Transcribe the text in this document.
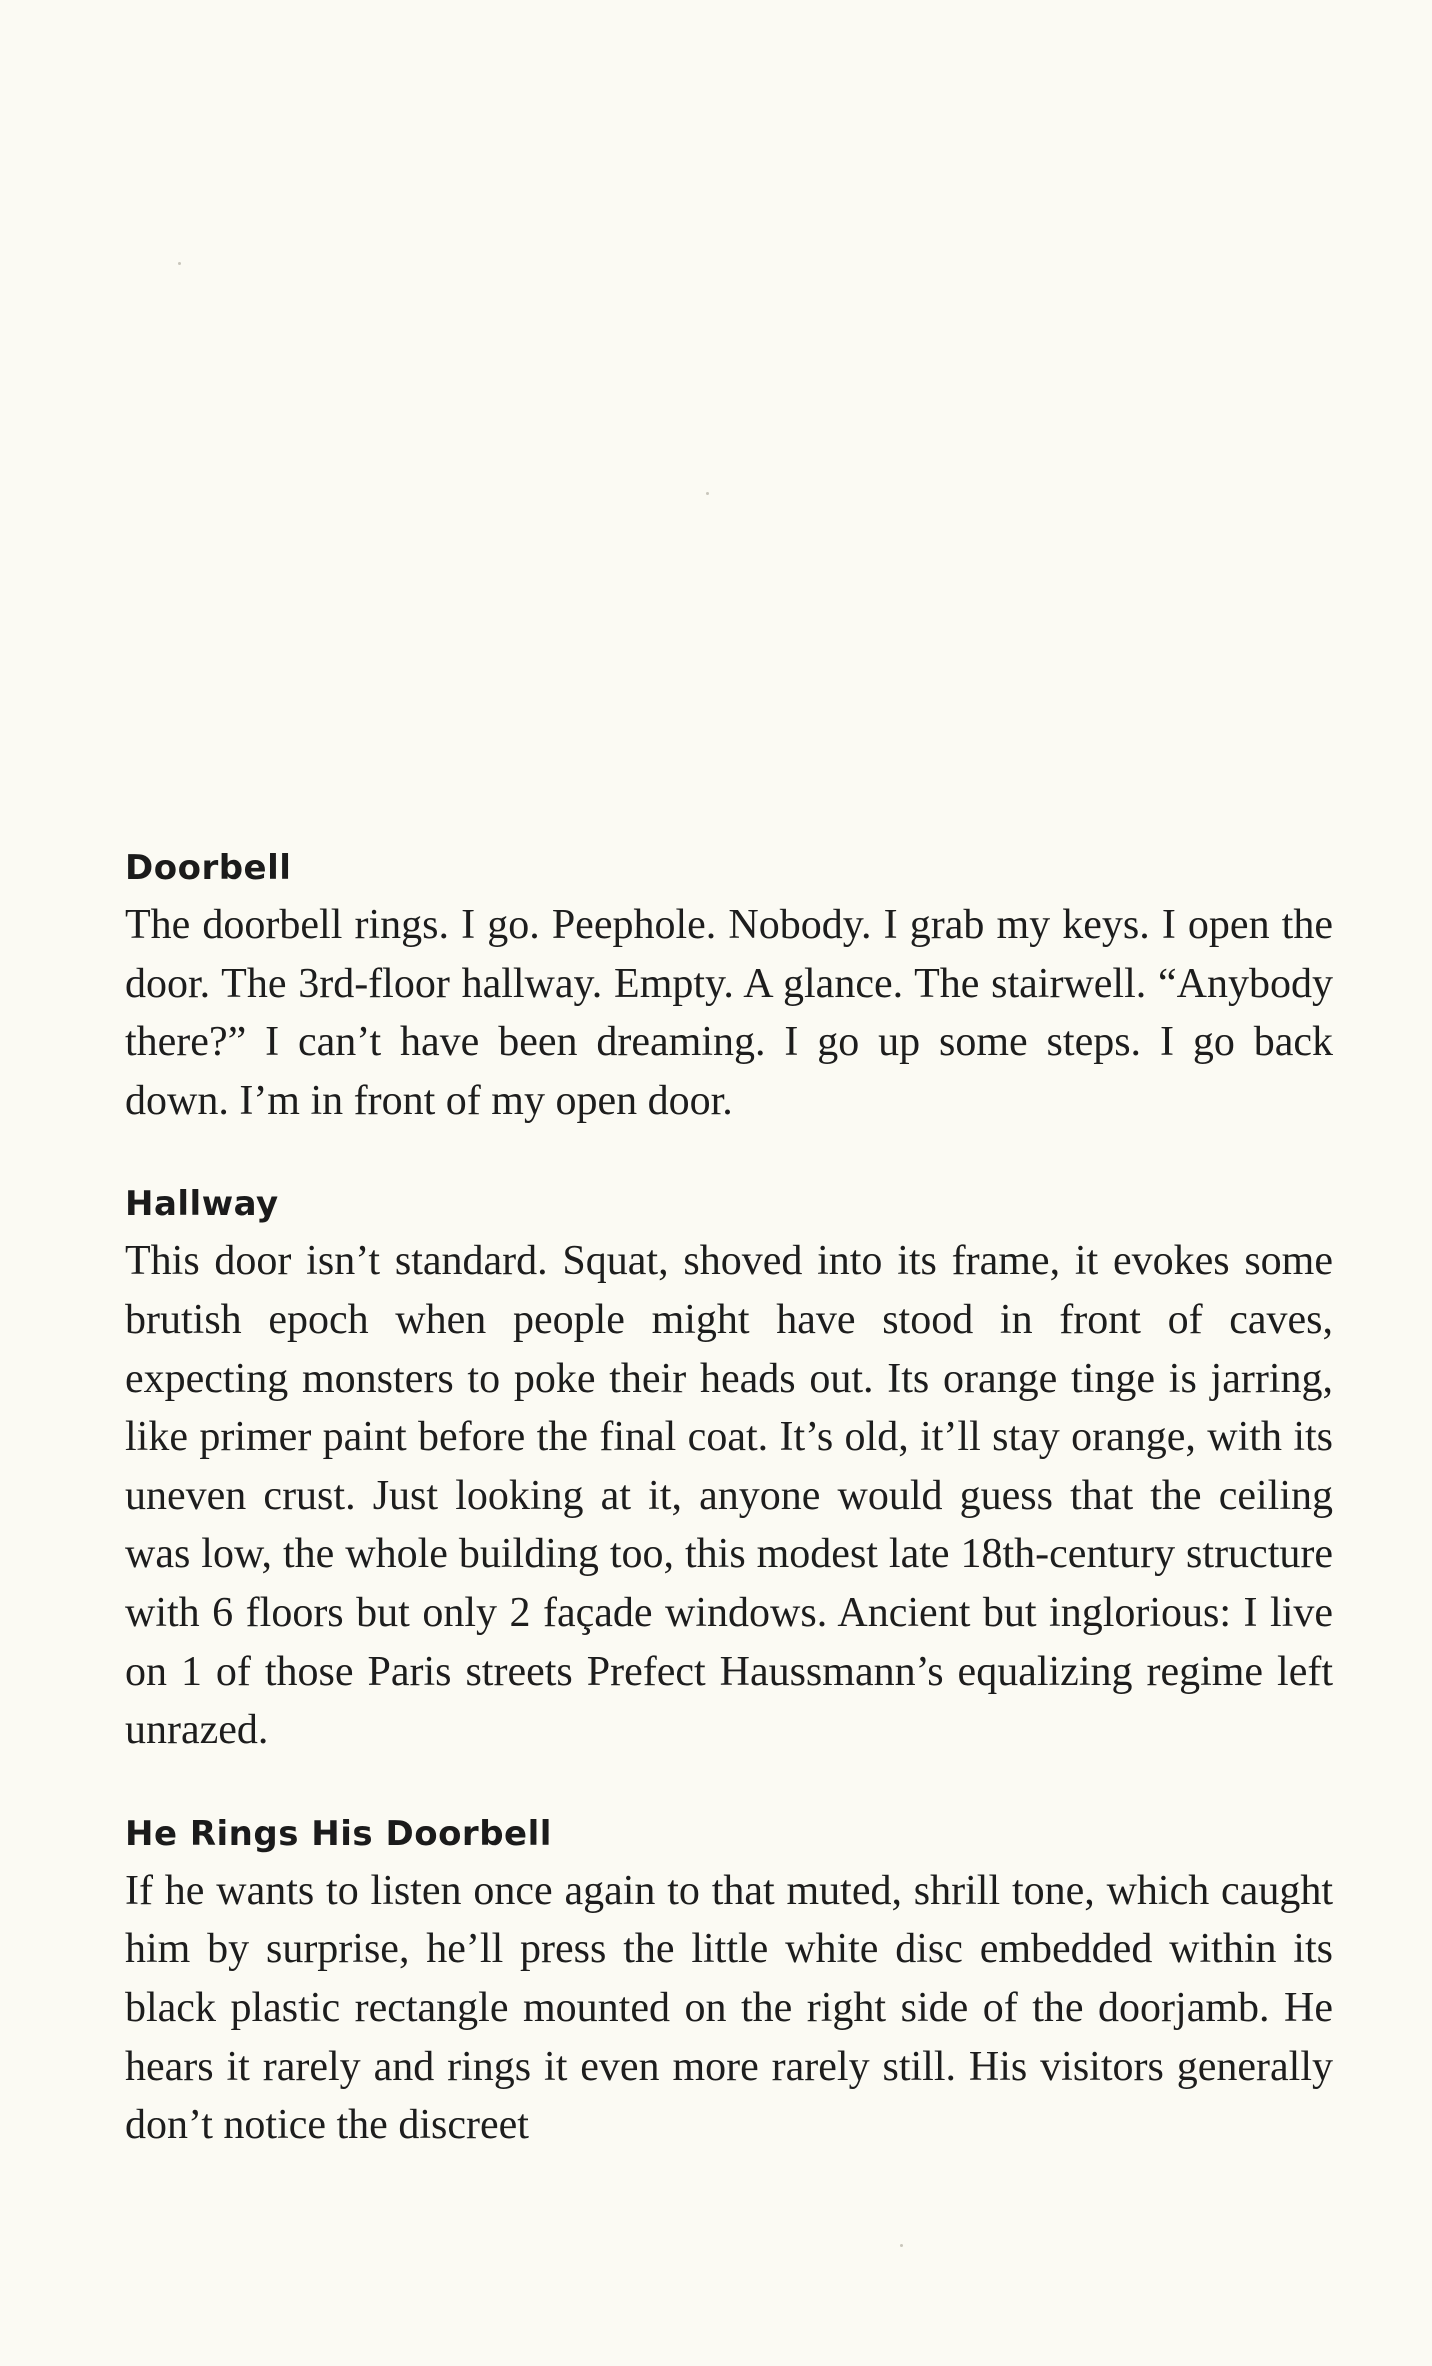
Doorbell

The doorbell rings. I go. Peephole. Nobody. I grab my keys. I open the door. The 3rd-floor hallway. Empty. A glance. The stairwell. “Anybody there?” I can’t have been dreaming. I go up some steps. I go back down. I’m in front of my open door.

Hallway

This door isn’t standard. Squat, shoved into its frame, it evokes some brutish epoch when people might have stood in front of caves, expecting monsters to poke their heads out. Its orange tinge is jarring, like primer paint before the final coat. It’s old, it’ll stay orange, with its uneven crust. Just looking at it, anyone would guess that the ceiling was low, the whole building too, this modest late 18th-century structure with 6 floors but only 2 façade windows. Ancient but inglorious: I live on 1 of those Paris streets Prefect Haussmann’s equalizing regime left unrazed.

He Rings His Doorbell

If he wants to listen once again to that muted, shrill tone, which caught him by surprise, he’ll press the little white disc embedded within its black plastic rectangle mounted on the right side of the doorjamb. He hears it rarely and rings it even more rarely still. His visitors generally don’t notice the discreet
